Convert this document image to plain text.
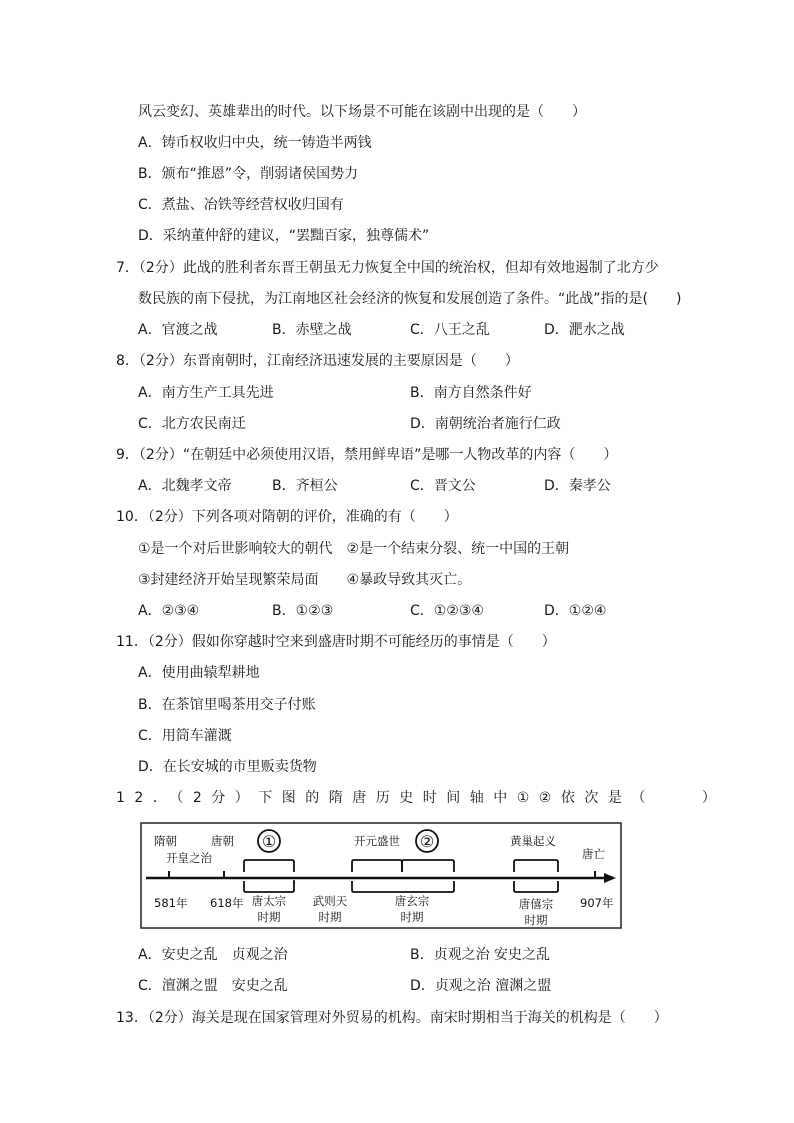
风云变幻、英雄辈出的时代。以下场景不可能在该剧中出现的是（　　）
A．铸币权收归中央，统一铸造半两钱
B．颁布“推恩”令，削弱诸侯国势力
C．煮盐、冶铁等经营权收归国有
D．采纳董仲舒的建议，“罢黜百家，独尊儒术”
7．（2分）此战的胜利者东晋王朝虽无力恢复全中国的统治权，但却有效地遏制了北方少
数民族的南下侵扰，为江南地区社会经济的恢复和发展创造了条件。“此战”指的是(　　)
A．官渡之战	B．赤壁之战	C．八王之乱	D．淝水之战
8．（2分）东晋南朝时，江南经济迅速发展的主要原因是（　　）
A．南方生产工具先进	B．南方自然条件好
C．北方农民南迁	D．南朝统治者施行仁政
9．（2分）“在朝廷中必须使用汉语，禁用鲜卑语”是哪一人物改革的内容（　　）
A．北魏孝文帝	B．齐桓公	C．晋文公	D．秦孝公
10．（2分）下列各项对隋朝的评价，准确的有（　　）
①是一个对后世影响较大的朝代　②是一个结束分裂、统一中国的王朝
③封建经济开始呈现繁荣局面　　④暴政导致其灭亡。
A．②③④	B．①②③	C．①②③④	D．①②④
11．（2分）假如你穿越时空来到盛唐时期不可能经历的事情是（　　）
A．使用曲辕犁耕地
B．在茶馆里喝茶用交子付账
C．用筒车灌溉
D．在长安城的市里贩卖货物
12．（2分）下图的隋唐历史时间轴中①②依次是（　　）
隋朝
开皇之治
唐朝	开元盛世	黄巢起义
唐亡
①	②
581年 618年	907年
唐太宗
时期
武则天
时期
唐玄宗
时期
唐僖宗
时期
A．安史之乱　贞观之治	B．贞观之治 安史之乱
C．澶渊之盟　安史之乱	D．贞观之治 澶渊之盟
13．（2分）海关是现在国家管理对外贸易的机构。南宋时期相当于海关的机构是（　　）
